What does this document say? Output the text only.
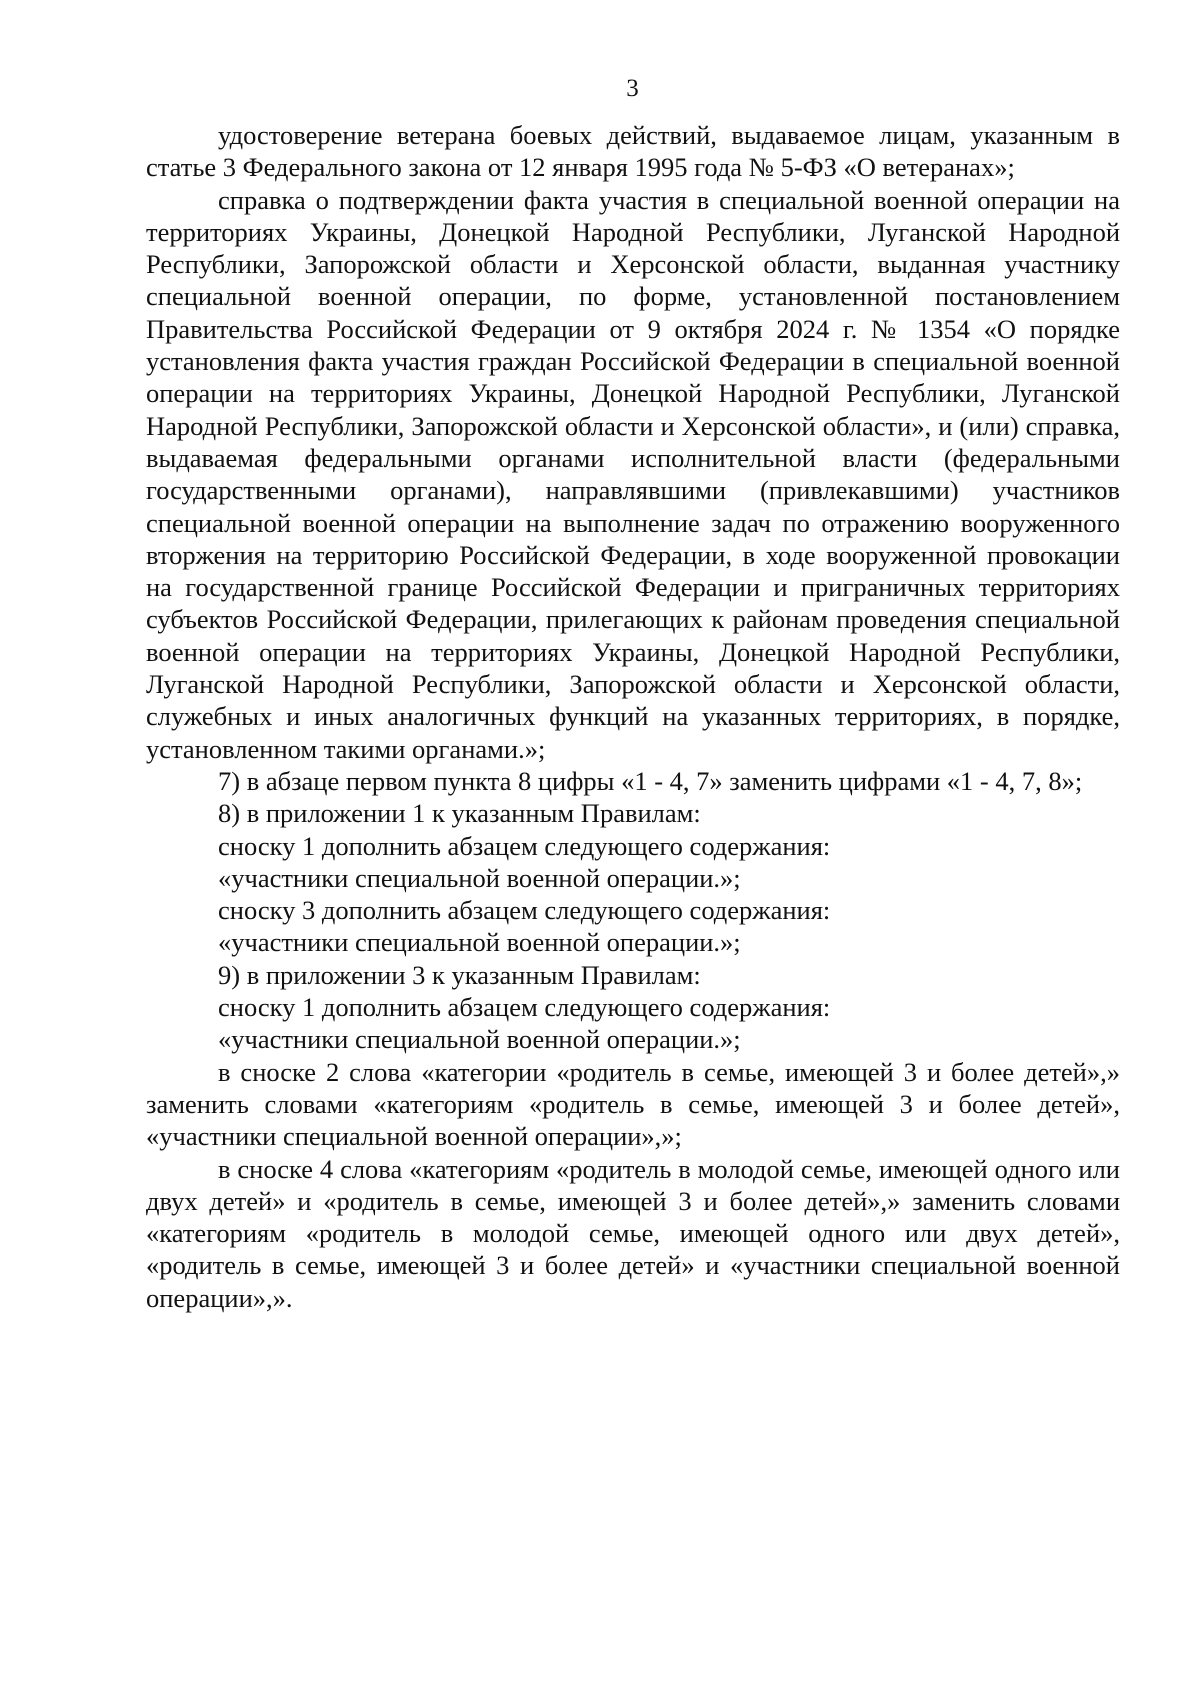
3

удостоверение ветерана боевых действий, выдаваемое лицам, указанным в статье 3 Федерального закона от 12 января 1995 года № 5-ФЗ «О ветеранах»;

справка о подтверждении факта участия в специальной военной операции на территориях Украины, Донецкой Народной Республики, Луганской Народной Республики, Запорожской области и Херсонской области, выданная участнику специальной военной операции, по форме, установленной постановлением Правительства Российской Федерации от 9 октября 2024 г. № 1354 «О порядке установления факта участия граждан Российской Федерации в специальной военной операции на территориях Украины, Донецкой Народной Республики, Луганской Народной Республики, Запорожской области и Херсонской области», и (или) справка, выдаваемая федеральными органами исполнительной власти (федеральными государственными органами), направлявшими (привлекавшими) участников специальной военной операции на выполнение задач по отражению вооруженного вторжения на территорию Российской Федерации, в ходе вооруженной провокации на государственной границе Российской Федерации и приграничных территориях субъектов Российской Федерации, прилегающих к районам проведения специальной военной операции на территориях Украины, Донецкой Народной Республики, Луганской Народной Республики, Запорожской области и Херсонской области, служебных и иных аналогичных функций на указанных территориях, в порядке, установленном такими органами.»;

7) в абзаце первом пункта 8 цифры «1 - 4, 7» заменить цифрами «1 - 4, 7, 8»;

8) в приложении 1 к указанным Правилам:

сноску 1 дополнить абзацем следующего содержания:

«участники специальной военной операции.»;

сноску 3 дополнить абзацем следующего содержания:

«участники специальной военной операции.»;

9) в приложении 3 к указанным Правилам:

сноску 1 дополнить абзацем следующего содержания:

«участники специальной военной операции.»;

в сноске 2 слова «категории «родитель в семье, имеющей 3 и более детей»,» заменить словами «категориям «родитель в семье, имеющей 3 и более детей», «участники специальной военной операции»,»;

в сноске 4 слова «категориям «родитель в молодой семье, имеющей одного или двух детей» и «родитель в семье, имеющей 3 и более детей»,» заменить словами «категориям «родитель в молодой семье, имеющей одного или двух детей», «родитель в семье, имеющей 3 и более детей» и «участники специальной военной операции»,».
